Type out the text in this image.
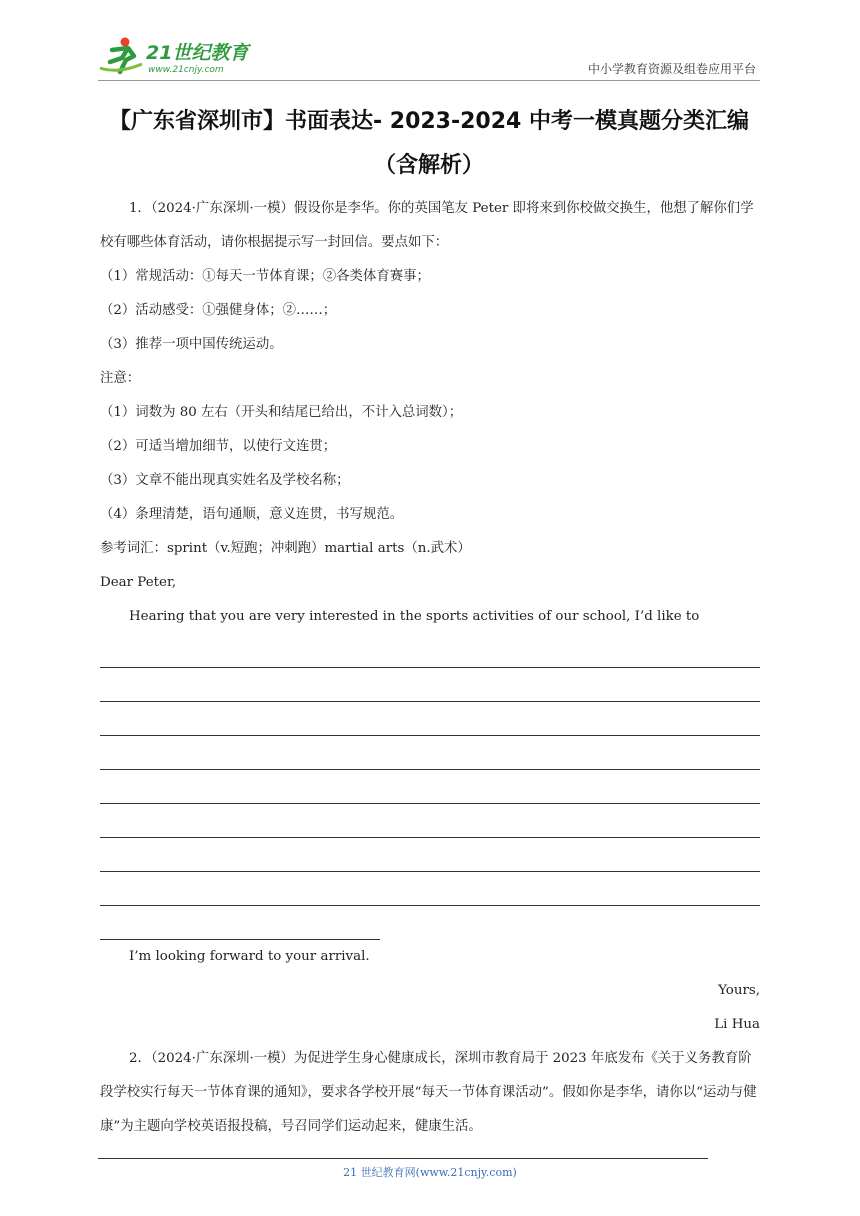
21世纪教育
www.21cnjy.com	中小学教育资源及组卷应用平台
【广东省深圳市】书面表达- 2023-2024 中考一模真题分类汇编（含解析）

1．（2024·广东深圳·一模）假设你是李华。你的英国笔友 Peter 即将来到你校做交换生，他想了解你们学校有哪些体育活动，请你根据提示写一封回信。要点如下：

（1）常规活动：①每天一节体育课；②各类体育赛事；

（2）活动感受：①强健身体；②……；

（3）推荐一项中国传统运动。

注意：

（1）词数为 80 左右（开头和结尾已给出，不计入总词数）；

（2）可适当增加细节，以使行文连贯；

（3）文章不能出现真实姓名及学校名称；

（4）条理清楚，语句通顺，意义连贯，书写规范。

参考词汇：sprint（v.短跑；冲刺跑）martial arts（n.武术）

Dear Peter,

Hearing that you are very interested in the sports activities of our school, I’d like to

I’m looking forward to your arrival.

Yours,

Li Hua

2．（2024·广东深圳·一模）为促进学生身心健康成长，深圳市教育局于 2023 年底发布《关于义务教育阶段学校实行每天一节体育课的通知》，要求各学校开展“每天一节体育课活动”。假如你是李华，请你以“运动与健康”为主题向学校英语报投稿，号召同学们运动起来，健康生活。

21 世纪教育网(www.21cnjy.com)
